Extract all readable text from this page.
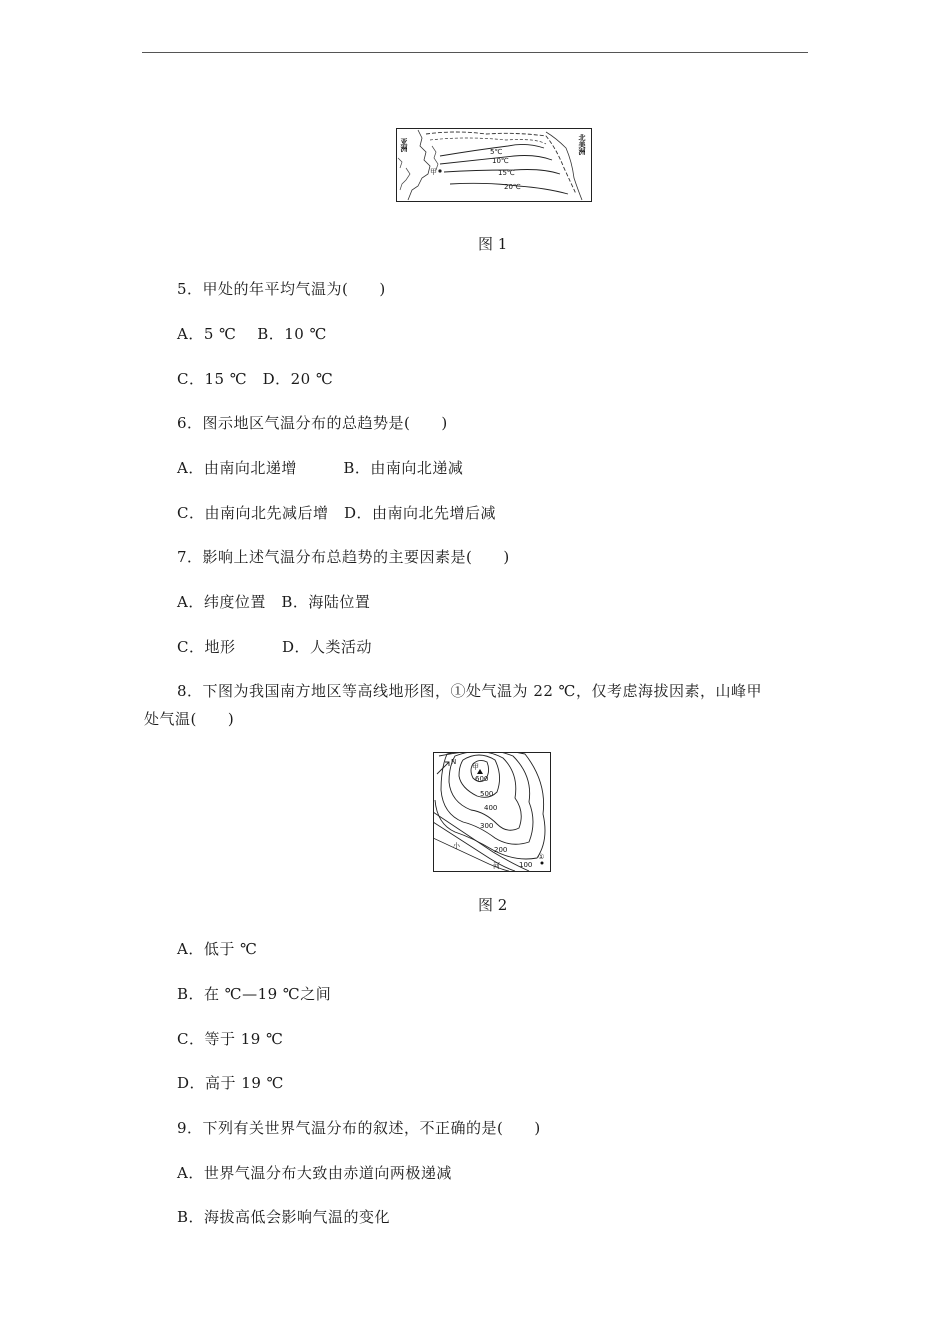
亚洲	北美洲
甲
5℃
10℃
15℃
20℃
图 1
5．甲处的年平均气温为(　　)
A．5 ℃　 B．10 ℃
C．15 ℃　D．20 ℃
6．图示地区气温分布的总趋势是(　　)
A．由南向北递增　　　B．由南向北递减
C．由南向北先减后增　D．由南向北先增后减
7．影响上述气温分布总趋势的主要因素是(　　)
A．纬度位置　B．海陆位置
C．地形　　　D．人类活动
8．下图为我国南方地区等高线地形图，①处气温为 22 ℃，仅考虑海拔因素，山峰甲
处气温(　　)
N
甲
600
500
400
300
200
100
①
小
河
图 2
A．低于 ℃
B．在 ℃—19 ℃之间
C．等于 19 ℃
D．高于 19 ℃
9．下列有关世界气温分布的叙述，不正确的是(　　)
A．世界气温分布大致由赤道向两极递减
B．海拔高低会影响气温的变化
